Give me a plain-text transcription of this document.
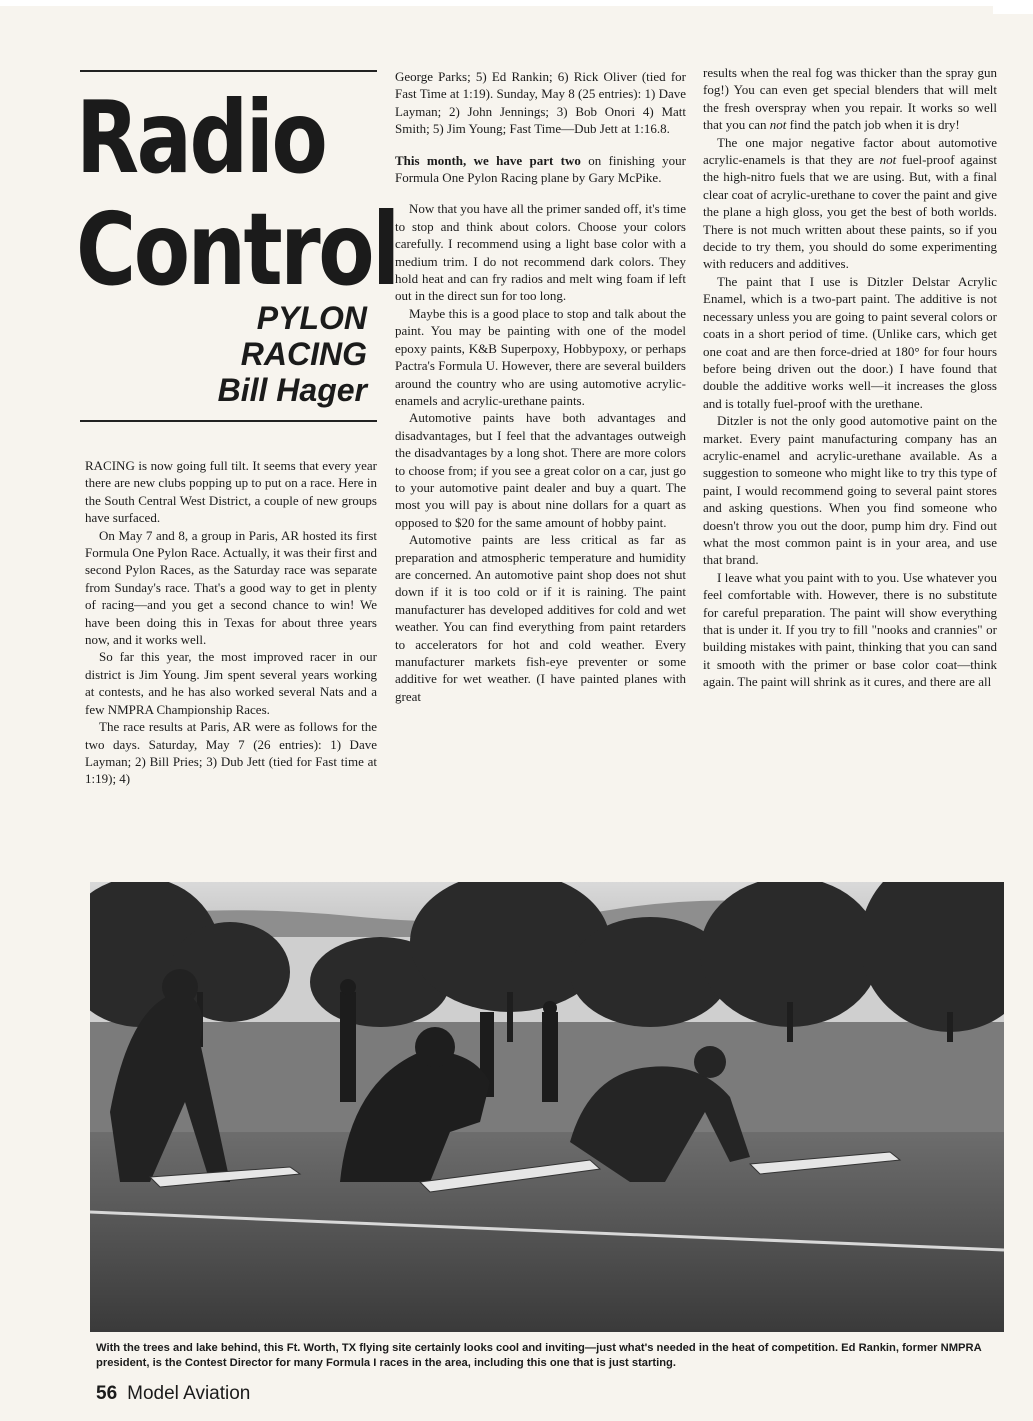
Radio
Control
PYLON
RACING
Bill Hager

RACING is now going full tilt. It seems that every year there are new clubs popping up to put on a race. Here in the South Central West District, a couple of new groups have surfaced.

On May 7 and 8, a group in Paris, AR hosted its first Formula One Pylon Race. Actually, it was their first and second Pylon Races, as the Saturday race was separate from Sunday's race. That's a good way to get in plenty of racing—and you get a second chance to win! We have been doing this in Texas for about three years now, and it works well.

So far this year, the most improved racer in our district is Jim Young. Jim spent several years working at contests, and he has also worked several Nats and a few NMPRA Championship Races.

The race results at Paris, AR were as follows for the two days. Saturday, May 7 (26 entries): 1) Dave Layman; 2) Bill Pries; 3) Dub Jett (tied for Fast time at 1:19); 4)

George Parks; 5) Ed Rankin; 6) Rick Oliver (tied for Fast Time at 1:19). Sunday, May 8 (25 entries): 1) Dave Layman; 2) John Jennings; 3) Bob Onori 4) Matt Smith; 5) Jim Young; Fast Time—Dub Jett at 1:16.8.

This month, we have part two on finishing your Formula One Pylon Racing plane by Gary McPike.

Now that you have all the primer sanded off, it's time to stop and think about colors. Choose your colors carefully. I recommend using a light base color with a medium trim. I do not recommend dark colors. They hold heat and can fry radios and melt wing foam if left out in the direct sun for too long.

Maybe this is a good place to stop and talk about the paint. You may be painting with one of the model epoxy paints, K&B Superpoxy, Hobbypoxy, or perhaps Pactra's Formula U. However, there are several builders around the country who are using automotive acrylic-enamels and acrylic-urethane paints.

Automotive paints have both advantages and disadvantages, but I feel that the advantages outweigh the disadvantages by a long shot. There are more colors to choose from; if you see a great color on a car, just go to your automotive paint dealer and buy a quart. The most you will pay is about nine dollars for a quart as opposed to $20 for the same amount of hobby paint.

Automotive paints are less critical as far as preparation and atmospheric temperature and humidity are concerned. An automotive paint shop does not shut down if it is too cold or if it is raining. The paint manufacturer has developed additives for cold and wet weather. You can find everything from paint retarders to accelerators for hot and cold weather. Every manufacturer markets fish-eye preventer or some additive for wet weather. (I have painted planes with great

results when the real fog was thicker than the spray gun fog!) You can even get special blenders that will melt the fresh overspray when you repair. It works so well that you can not find the patch job when it is dry!

The one major negative factor about automotive acrylic-enamels is that they are not fuel-proof against the high-nitro fuels that we are using. But, with a final clear coat of acrylic-urethane to cover the paint and give the plane a high gloss, you get the best of both worlds. There is not much written about these paints, so if you decide to try them, you should do some experimenting with reducers and additives.

The paint that I use is Ditzler Delstar Acrylic Enamel, which is a two-part paint. The additive is not necessary unless you are going to paint several colors or coats in a short period of time. (Unlike cars, which get one coat and are then force-dried at 180° for four hours before being driven out the door.) I have found that double the additive works well—it increases the gloss and is totally fuel-proof with the urethane.

Ditzler is not the only good automotive paint on the market. Every paint manufacturing company has an acrylic-enamel and acrylic-urethane available. As a suggestion to someone who might like to try this type of paint, I would recommend going to several paint stores and asking questions. When you find someone who doesn't throw you out the door, pump him dry. Find out what the most common paint is in your area, and use that brand.

I leave what you paint with to you. Use whatever you feel comfortable with. However, there is no substitute for careful preparation. The paint will show everything that is under it. If you try to fill "nooks and crannies" or building mistakes with paint, thinking that you can sand it smooth with the primer or base color coat—think again. The paint will shrink as it cures, and there are all

With the trees and lake behind, this Ft. Worth, TX flying site certainly looks cool and inviting—just what's needed in the heat of competition. Ed Rankin, former NMPRA president, is the Contest Director for many Formula I races in the area, including this one that is just starting.
56 Model Aviation
